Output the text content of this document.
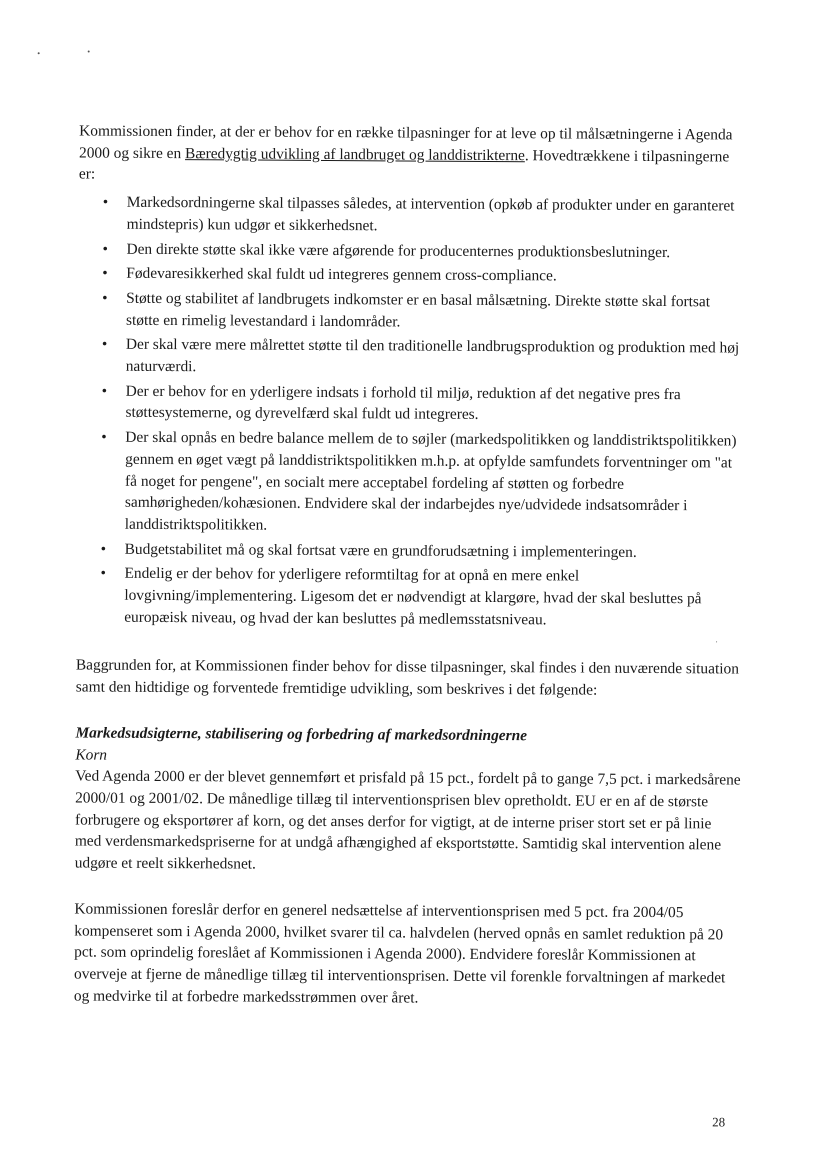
Kommissionen finder, at der er behov for en række tilpasninger for at leve op til målsætningerne i Agenda 2000 og sikre en Bæredygtig udvikling af landbruget og landdistrikterne. Hovedtrækkene i tilpasningerne er:

• Markedsordningerne skal tilpasses således, at intervention (opkøb af produkter under en garanteret mindstepris) kun udgør et sikkerhedsnet.
• Den direkte støtte skal ikke være afgørende for producenternes produktionsbeslutninger.
• Fødevaresikkerhed skal fuldt ud integreres gennem cross-compliance.
• Støtte og stabilitet af landbrugets indkomster er en basal målsætning. Direkte støtte skal fortsat støtte en rimelig levestandard i landområder.
• Der skal være mere målrettet støtte til den traditionelle landbrugsproduktion og produktion med høj naturværdi.
• Der er behov for en yderligere indsats i forhold til miljø, reduktion af det negative pres fra støttesystemerne, og dyrevelfærd skal fuldt ud integreres.
• Der skal opnås en bedre balance mellem de to søjler (markedspolitikken og landdistriktspolitikken) gennem en øget vægt på landdistriktspolitikken m.h.p. at opfylde samfundets forventninger om "at få noget for pengene", en socialt mere acceptabel fordeling af støtten og forbedre samhørigheden/kohæsionen. Endvidere skal der indarbejdes nye/udvidede indsatsområder i landdistriktspolitikken.
• Budgetstabilitet må og skal fortsat være en grundforudsætning i implementeringen.
• Endelig er der behov for yderligere reformtiltag for at opnå en mere enkel lovgivning/implementering. Ligesom det er nødvendigt at klargøre, hvad der skal besluttes på europæisk niveau, og hvad der kan besluttes på medlemsstatsniveau.

Baggrunden for, at Kommissionen finder behov for disse tilpasninger, skal findes i den nuværende situation samt den hidtidige og forventede fremtidige udvikling, som beskrives i det følgende:

Markedsudsigterne, stabilisering og forbedring af markedsordningerne

Korn

Ved Agenda 2000 er der blevet gennemført et prisfald på 15 pct., fordelt på to gange 7,5 pct. i markedsårene 2000/01 og 2001/02. De månedlige tillæg til interventionsprisen blev opretholdt. EU er en af de største forbrugere og eksportører af korn, og det anses derfor for vigtigt, at de interne priser stort set er på linie med verdensmarkedspriserne for at undgå afhængighed af eksportstøtte. Samtidig skal intervention alene udgøre et reelt sikkerhedsnet.

Kommissionen foreslår derfor en generel nedsættelse af interventionsprisen med 5 pct. fra 2004/05 kompenseret som i Agenda 2000, hvilket svarer til ca. halvdelen (herved opnås en samlet reduktion på 20 pct. som oprindelig foreslået af Kommissionen i Agenda 2000). Endvidere foreslår Kommissionen at overveje at fjerne de månedlige tillæg til interventionsprisen. Dette vil forenkle forvaltningen af markedet og medvirke til at forbedre markedsstrømmen over året.

28
